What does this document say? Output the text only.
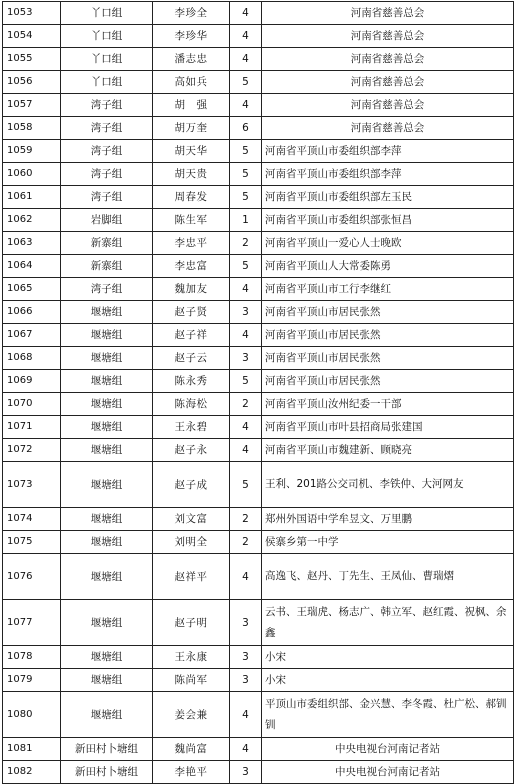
1053	丫口组	李珍全	4	河南省慈善总会
1054	丫口组	李珍华	4	河南省慈善总会
1055	丫口组	潘志忠	4	河南省慈善总会
1056	丫口组	高如兵	5	河南省慈善总会
1057	湾子组	胡　强	4	河南省慈善总会
1058	湾子组	胡万奎	6	河南省慈善总会
1059	湾子组	胡天华	5	河南省平顶山市委组织部李萍
1060	湾子组	胡天贵	5	河南省平顶山市委组织部李萍
1061	湾子组	周春发	5	河南省平顶山市委组织部左玉民
1062	岩脚组	陈生军	1	河南省平顶山市委组织部张恒昌
1063	新寨组	李忠平	2	河南省平顶山一爱心人士晚欧
1064	新寨组	李忠富	5	河南省平顶山人大常委陈勇
1065	湾子组	魏加友	4	河南省平顶山市工行李继红
1066	堰塘组	赵子贤	3	河南省平顶山市居民张然
1067	堰塘组	赵子祥	4	河南省平顶山市居民张然
1068	堰塘组	赵子云	3	河南省平顶山市居民张然
1069	堰塘组	陈永秀	5	河南省平顶山市居民张然
1070	堰塘组	陈海松	2	河南省平顶山汝州纪委一干部
1071	堰塘组	王永碧	4	河南省平顶山市叶县招商局张建国
1072	堰塘组	赵子永	4	河南省平顶山市魏建新、顾晓亮
1073	堰塘组	赵子成	5	王利、201路公交司机、李铁仲、大河网友
1074	堰塘组	刘文富	2	郑州外国语中学牟昱文、万里鹏
1075	堰塘组	刘明全	2	侯寨乡第一中学
1076	堰塘组	赵祥平	4	高逸飞、赵丹、丁先生、王凤仙、曹瑞熠
1077	堰塘组	赵子明	3	云书、王瑞虎、杨志广、韩立军、赵红霞、祝枫、余鑫
1078	堰塘组	王永康	3	小宋
1079	堰塘组	陈尚军	3	小宋
1080	堰塘组	姜会兼	4	平顶山市委组织部、金兴慧、李冬霞、杜广松、郝钏钏
1081	新田村卜塘组	魏尚富	4	中央电视台河南记者站
1082	新田村卜塘组	李艳平	3	中央电视台河南记者站
